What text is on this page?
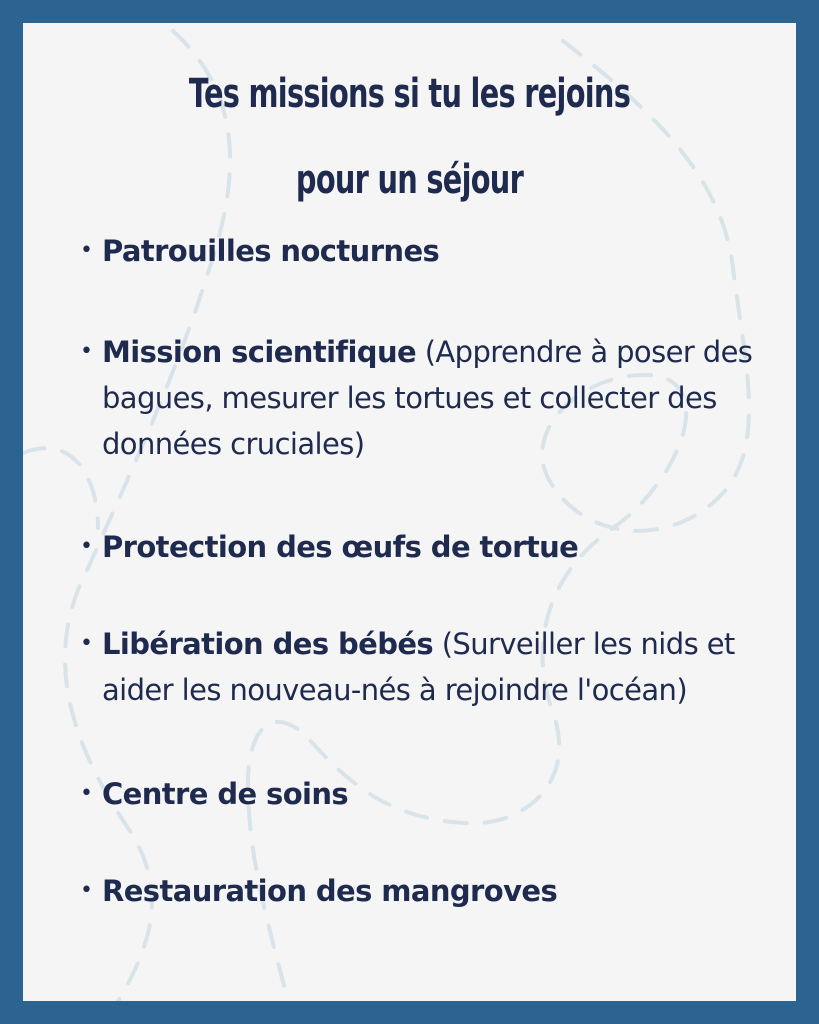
Tes missions si tu les rejoins
pour un séjour
• Patrouilles nocturnes
• Mission scientifique (Apprendre à poser des bagues, mesurer les tortues et collecter des données cruciales)
• Protection des œufs de tortue
• Libération des bébés (Surveiller les nids et aider les nouveau-nés à rejoindre l'océan)
• Centre de soins
• Restauration des mangroves
